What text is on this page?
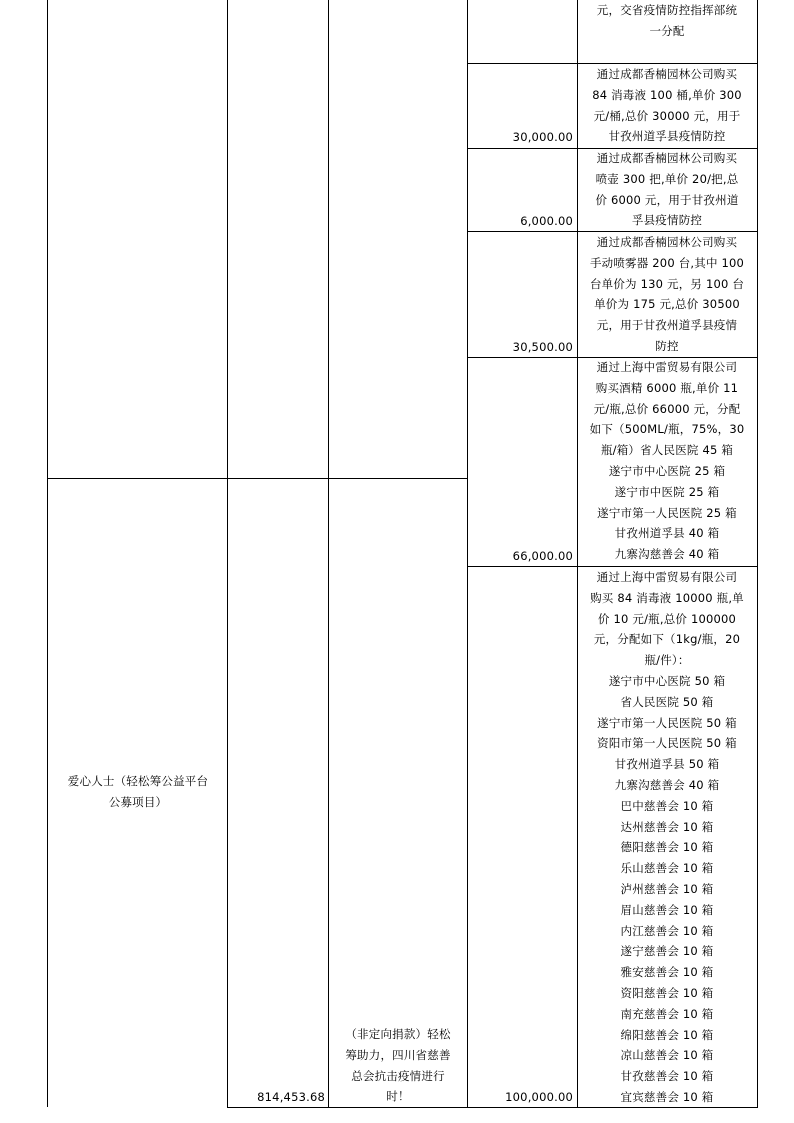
元，交省疫情防控指挥部统
一分配
通过成都香楠园林公司购买
84 消毒液 100 桶,单价 300
元/桶,总价 30000 元，用于
甘孜州道孚县疫情防控
30,000.00
通过成都香楠园林公司购买
喷壶 300 把,单价 20/把,总
价 6000 元，用于甘孜州道
孚县疫情防控
6,000.00
通过成都香楠园林公司购买
手动喷雾器 200 台,其中 100
台单价为 130 元，另 100 台
单价为 175 元,总价 30500
元，用于甘孜州道孚县疫情
防控
30,500.00
通过上海中雷贸易有限公司
购买酒精 6000 瓶,单价 11
元/瓶,总价 66000 元，分配
如下（500ML/瓶，75%，30
瓶/箱）省人民医院 45 箱
遂宁市中心医院 25 箱
遂宁市中医院 25 箱
遂宁市第一人民医院 25 箱
甘孜州道孚县 40 箱
九寨沟慈善会 40 箱
66,000.00
爱心人士（轻松筹公益平台
公募项目）
814,453.68
（非定向捐款）轻松
筹助力，四川省慈善
总会抗击疫情进行
时！
通过上海中雷贸易有限公司
购买 84 消毒液 10000 瓶,单
价 10 元/瓶,总价 100000
元，分配如下（1kg/瓶，20
瓶/件）：
遂宁市中心医院 50 箱
省人民医院 50 箱
遂宁市第一人民医院 50 箱
资阳市第一人民医院 50 箱
甘孜州道孚县 50 箱
九寨沟慈善会 40 箱
巴中慈善会 10 箱
达州慈善会 10 箱
德阳慈善会 10 箱
乐山慈善会 10 箱
泸州慈善会 10 箱
眉山慈善会 10 箱
内江慈善会 10 箱
遂宁慈善会 10 箱
雅安慈善会 10 箱
资阳慈善会 10 箱
南充慈善会 10 箱
绵阳慈善会 10 箱
凉山慈善会 10 箱
甘孜慈善会 10 箱
宜宾慈善会 10 箱
100,000.00
